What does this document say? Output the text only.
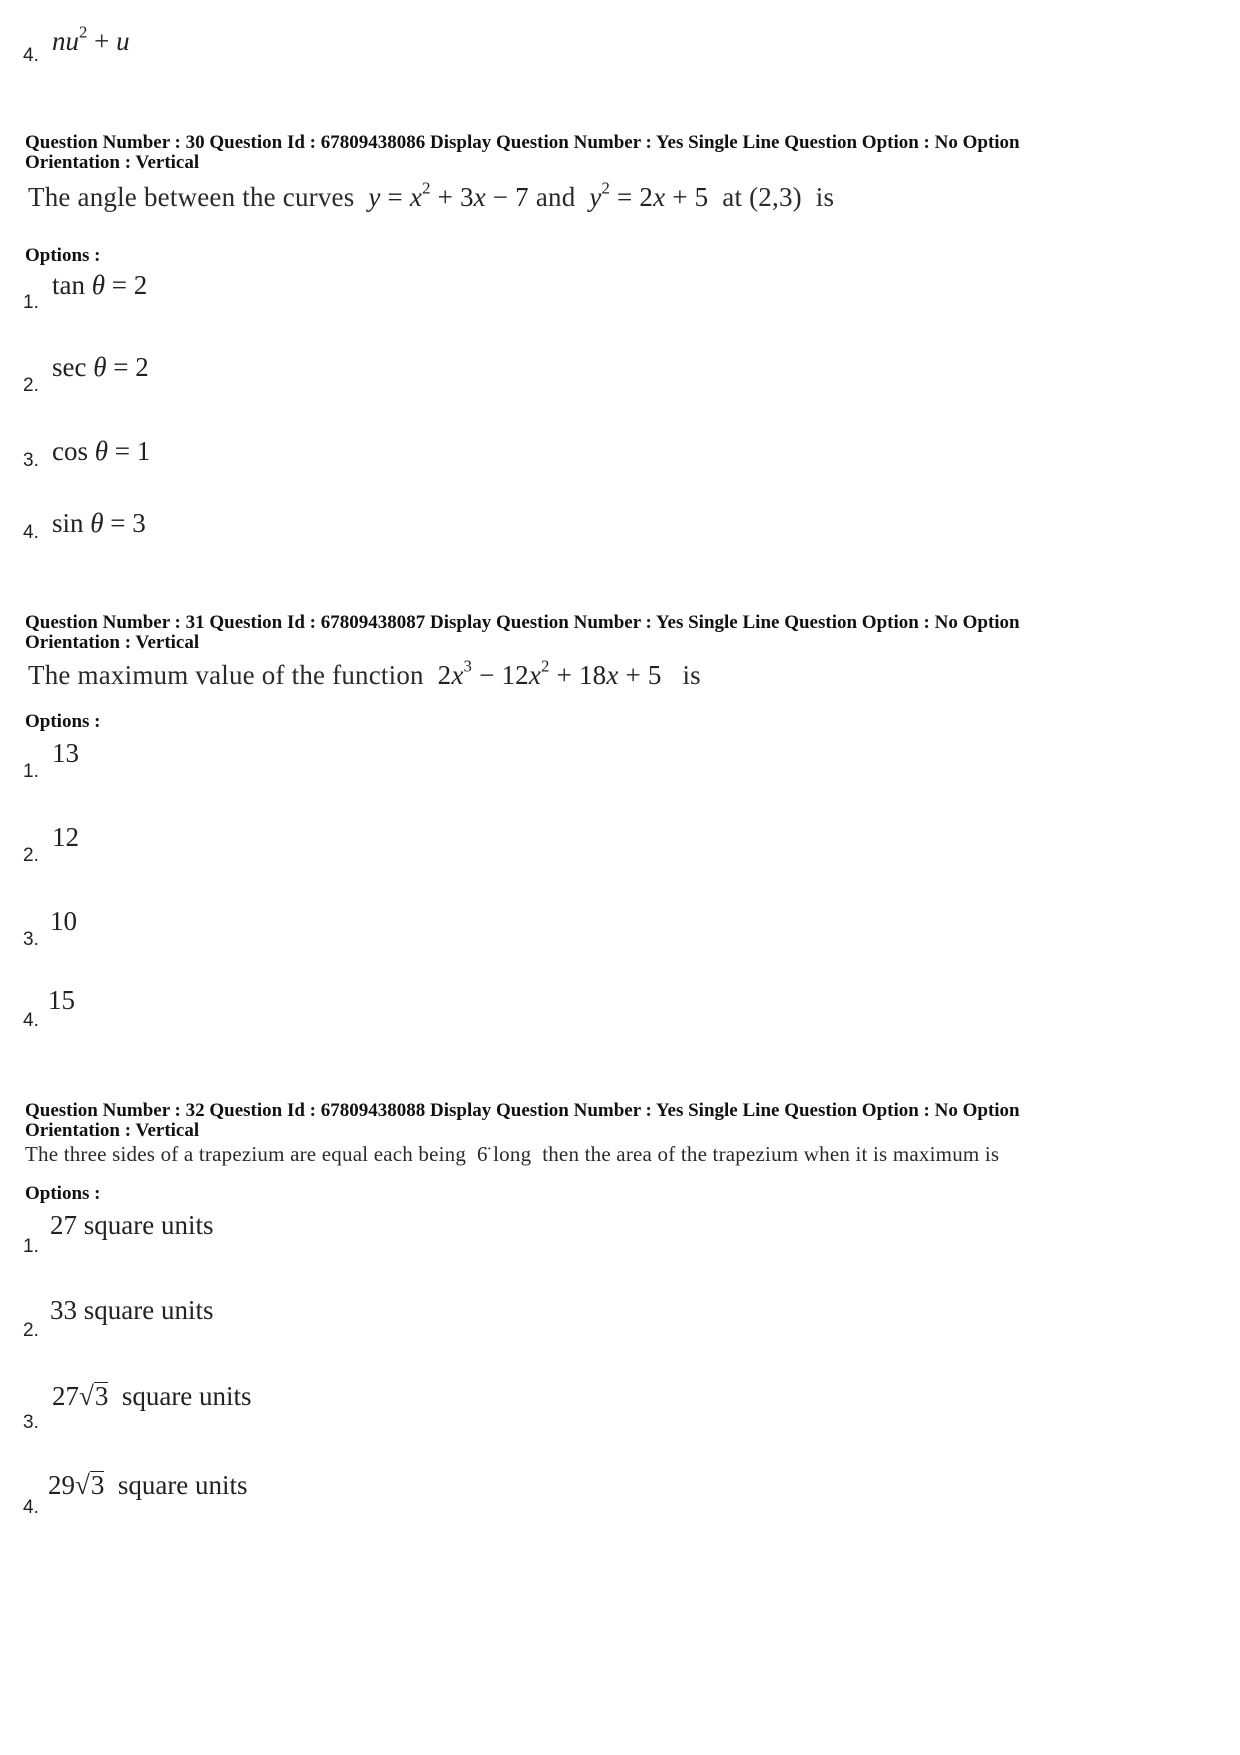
4. $nu^2 + u$
Question Number : 30 Question Id : 67809438086 Display Question Number : Yes Single Line Question Option : No Option
Orientation : Vertical
The angle between the curves $y = x^2 + 3x - 7$ and $y^2 = 2x + 5$ at (2,3) is
Options :
1.
tan θ = 2
2.
sec θ = 2
3. cos θ = 1
4. sin θ = 3
Question Number : 31 Question Id : 67809438087 Display Question Number : Yes Single Line Question Option : No Option
Orientation : Vertical
The maximum value of the function $2x^3 - 12x^2 + 18x + 5$ is
Options :
1.
13
2.
12
3.
10
4.
15
Question Number : 32 Question Id : 67809438088 Display Question Number : Yes Single Line Question Option : No Option
Orientation : Vertical
The three sides of a trapezium are equal each being 6̈ long then the area of the trapezium when it is maximum is
Options :
1.
27 square units
2.
33 square units
3.
27√3 square units
4.
29√3 square units
